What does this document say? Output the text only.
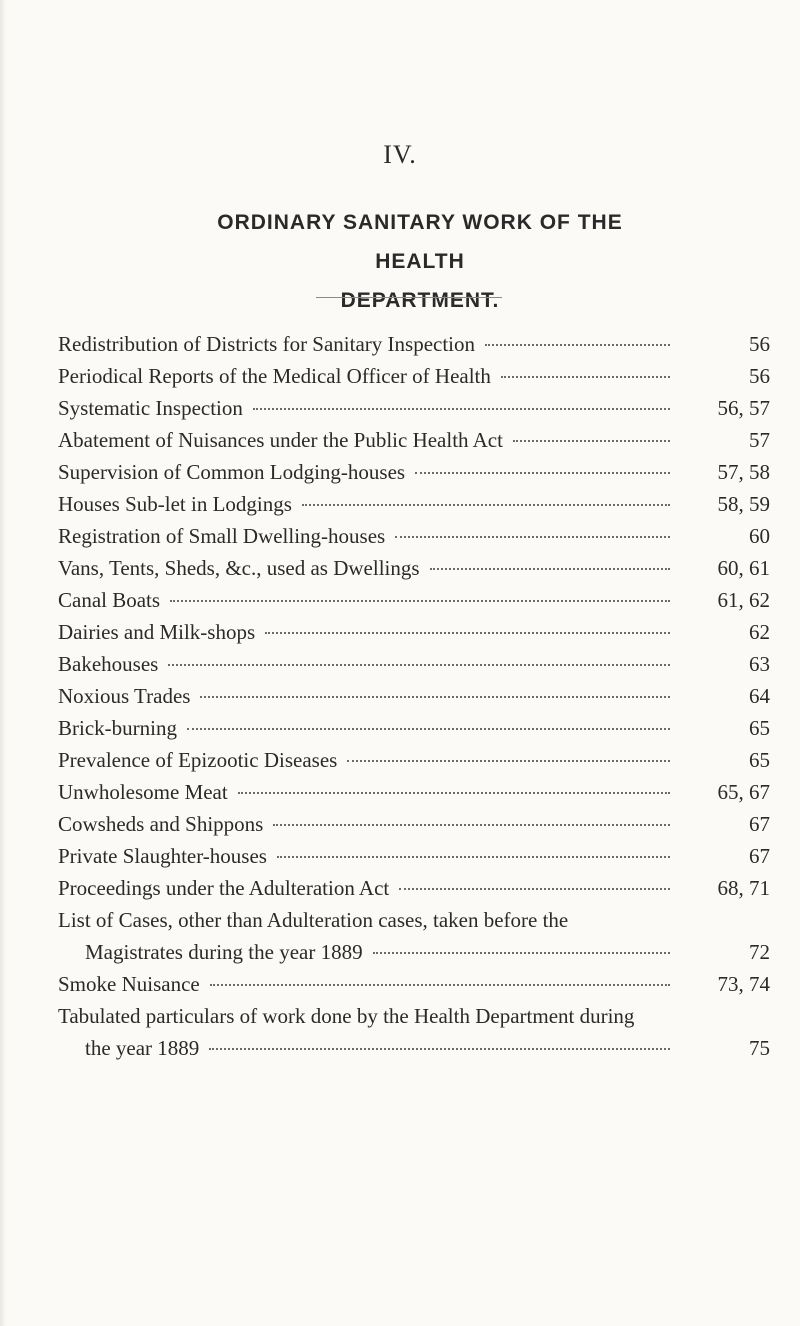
IV.
ORDINARY SANITARY WORK OF THE HEALTH
DEPARTMENT.
Redistribution of Districts for Sanitary Inspection	56
Periodical Reports of the Medical Officer of Health	56
Systematic Inspection	56, 57
Abatement of Nuisances under the Public Health Act	57
Supervision of Common Lodging-houses	57, 58
Houses Sub-let in Lodgings	58, 59
Registration of Small Dwelling-houses	60
Vans, Tents, Sheds, &c., used as Dwellings	60, 61
Canal Boats	61, 62
Dairies and Milk-shops	62
Bakehouses	63
Noxious Trades	64
Brick-burning	65
Prevalence of Epizootic Diseases	65
Unwholesome Meat	65, 67
Cowsheds and Shippons	67
Private Slaughter-houses	67
Proceedings under the Adulteration Act	68, 71
List of Cases, other than Adulteration cases, taken before the
Magistrates during the year 1889	72
Smoke Nuisance	73, 74
Tabulated particulars of work done by the Health Department during
the year 1889	75
